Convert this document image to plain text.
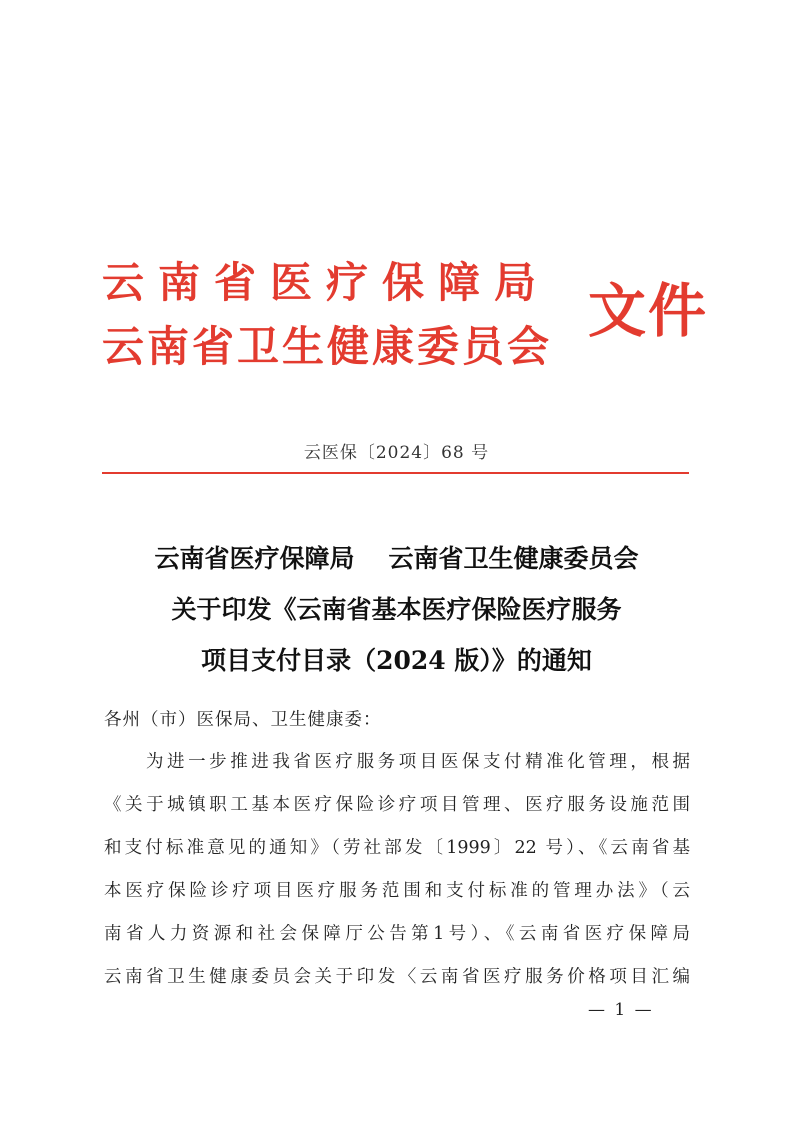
云南省医疗保障局
云南省卫生健康委员会
文件
云医保〔2024〕68 号
云南省医疗保障局 云南省卫生健康委员会
关于印发《云南省基本医疗保险医疗服务
项目支付目录（2024 版）》的通知
各州（市）医保局、卫生健康委：
为进一步推进我省医疗服务项目医保支付精准化管理，根据
《关于城镇职工基本医疗保险诊疗项目管理、医疗服务设施范围
和支付标准意见的通知》（劳社部发〔1999〕22 号）、《云南省基
本医疗保险诊疗项目医疗服务范围和支付标准的管理办法》（云
南省人力资源和社会保障厅公告第1号）、《云南省医疗保障局
云南省卫生健康委员会关于印发〈云南省医疗服务价格项目汇编
— 1 —
